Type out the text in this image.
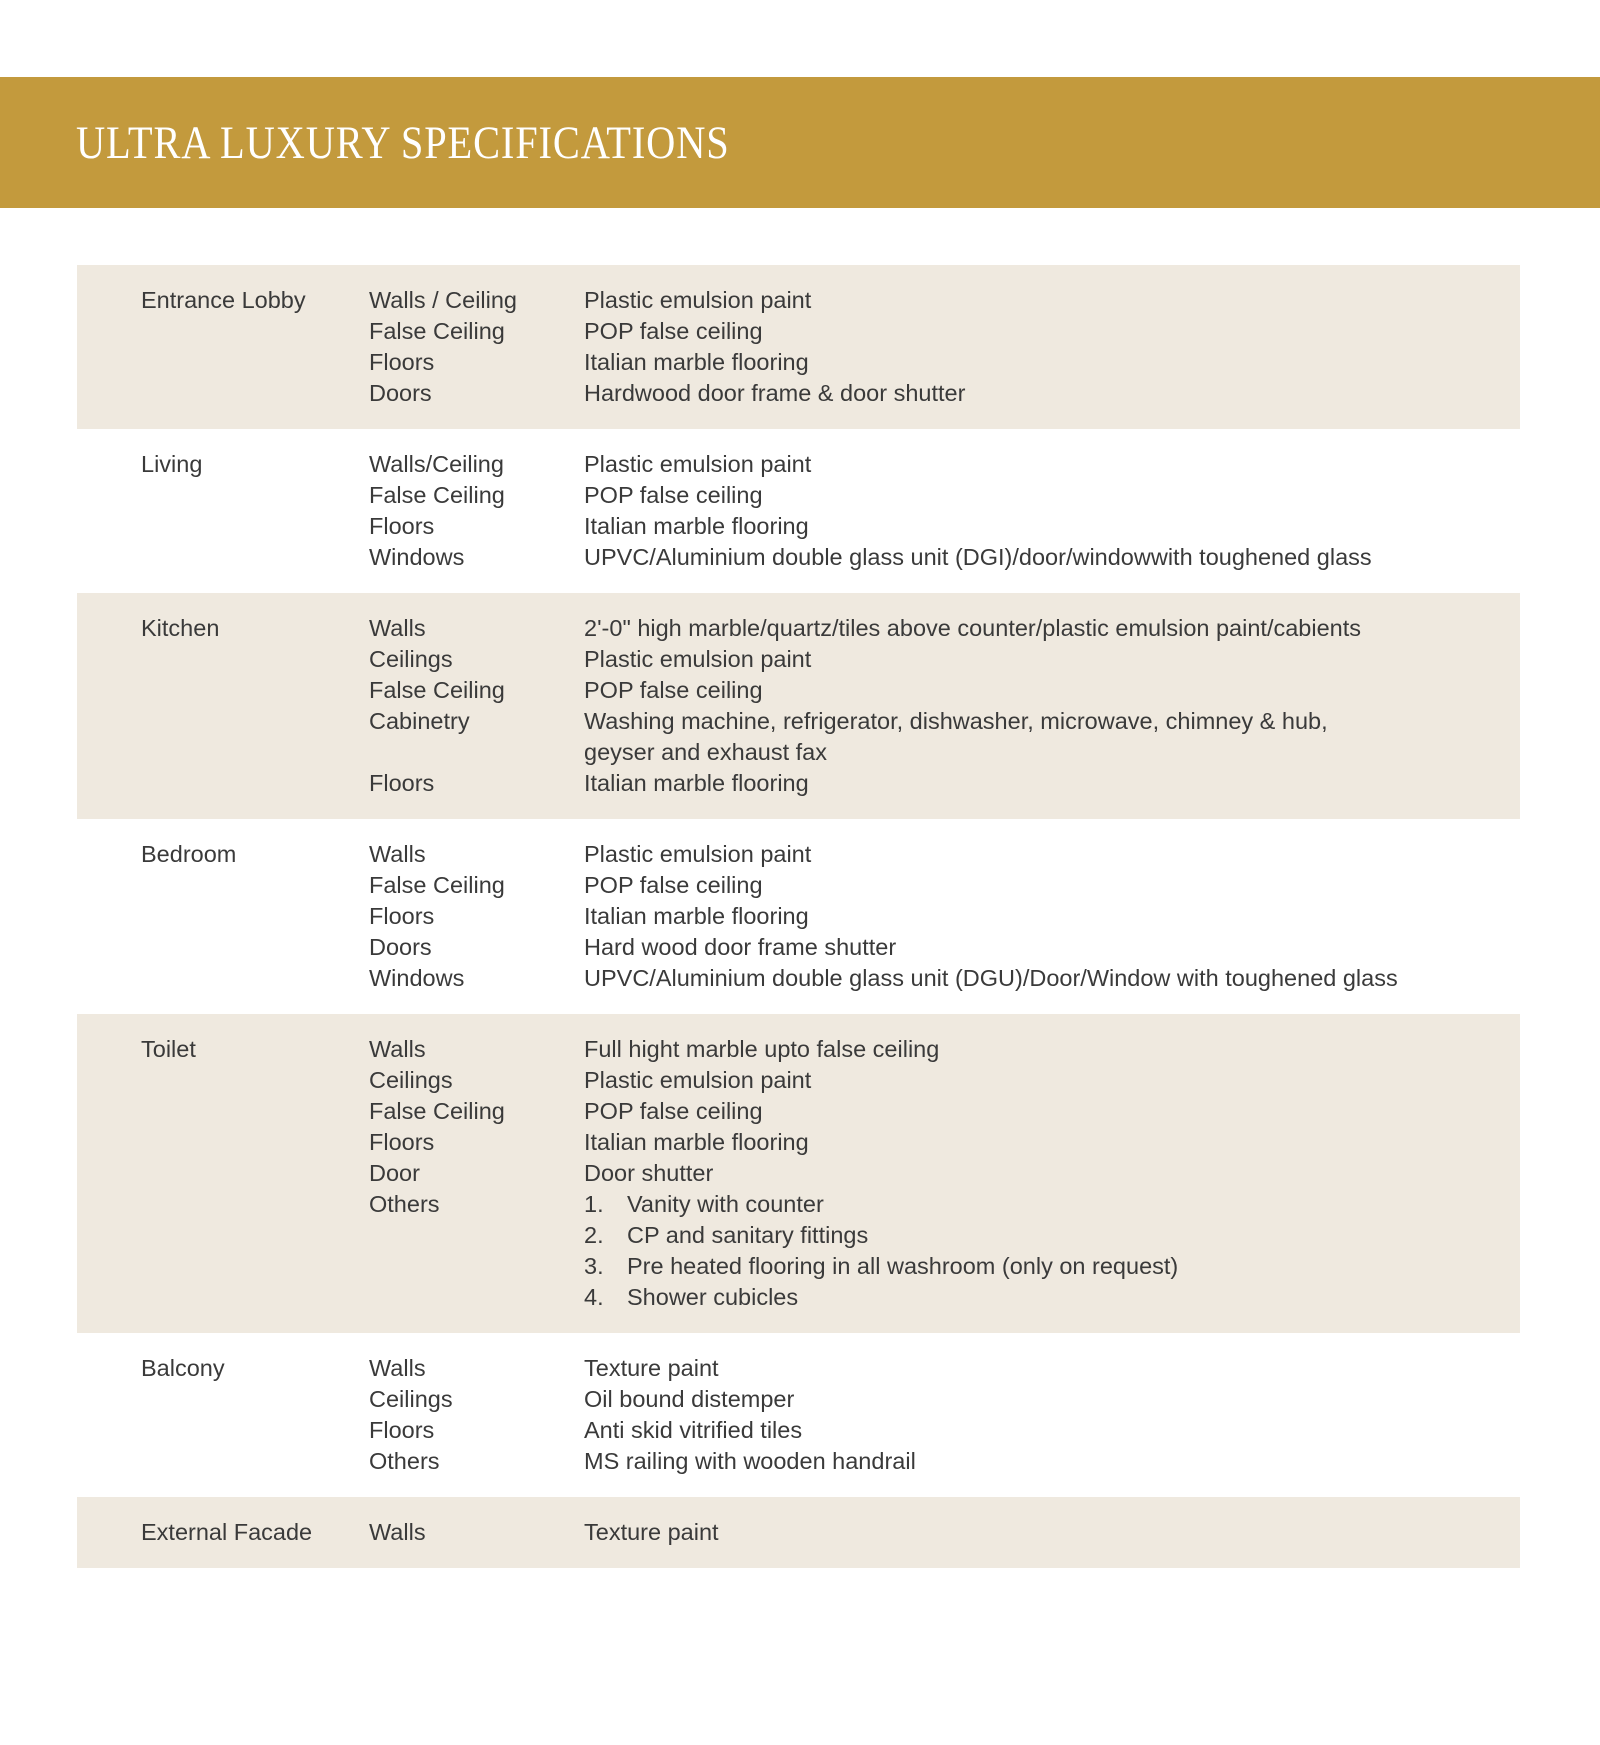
ULTRA LUXURY SPECIFICATIONS
Entrance Lobby	Walls / Ceiling	Plastic emulsion paint
False Ceiling	POP false ceiling
Floors	Italian marble flooring
Doors	Hardwood door frame & door shutter
Living	Walls/Ceiling	Plastic emulsion paint
False Ceiling	POP false ceiling
Floors	Italian marble flooring
Windows	UPVC/Aluminium double glass unit (DGI)/door/windowwith toughened glass
Kitchen	Walls	2'-0" high marble/quartz/tiles above counter/plastic emulsion paint/cabients
Ceilings	Plastic emulsion paint
False Ceiling	POP false ceiling
Cabinetry	Washing machine, refrigerator, dishwasher, microwave, chimney & hub,
geyser and exhaust fax
Floors	Italian marble flooring
Bedroom	Walls	Plastic emulsion paint
False Ceiling	POP false ceiling
Floors	Italian marble flooring
Doors	Hard wood door frame shutter
Windows	UPVC/Aluminium double glass unit (DGU)/Door/Window with toughened glass
Toilet	Walls	Full hight marble upto false ceiling
Ceilings	Plastic emulsion paint
False Ceiling	POP false ceiling
Floors	Italian marble flooring
Door	Door shutter
Others	1. Vanity with counter
2. CP and sanitary fittings
3. Pre heated flooring in all washroom (only on request)
4. Shower cubicles
Balcony	Walls	Texture paint
Ceilings	Oil bound distemper
Floors	Anti skid vitrified tiles
Others	MS railing with wooden handrail
External Facade	Walls	Texture paint
